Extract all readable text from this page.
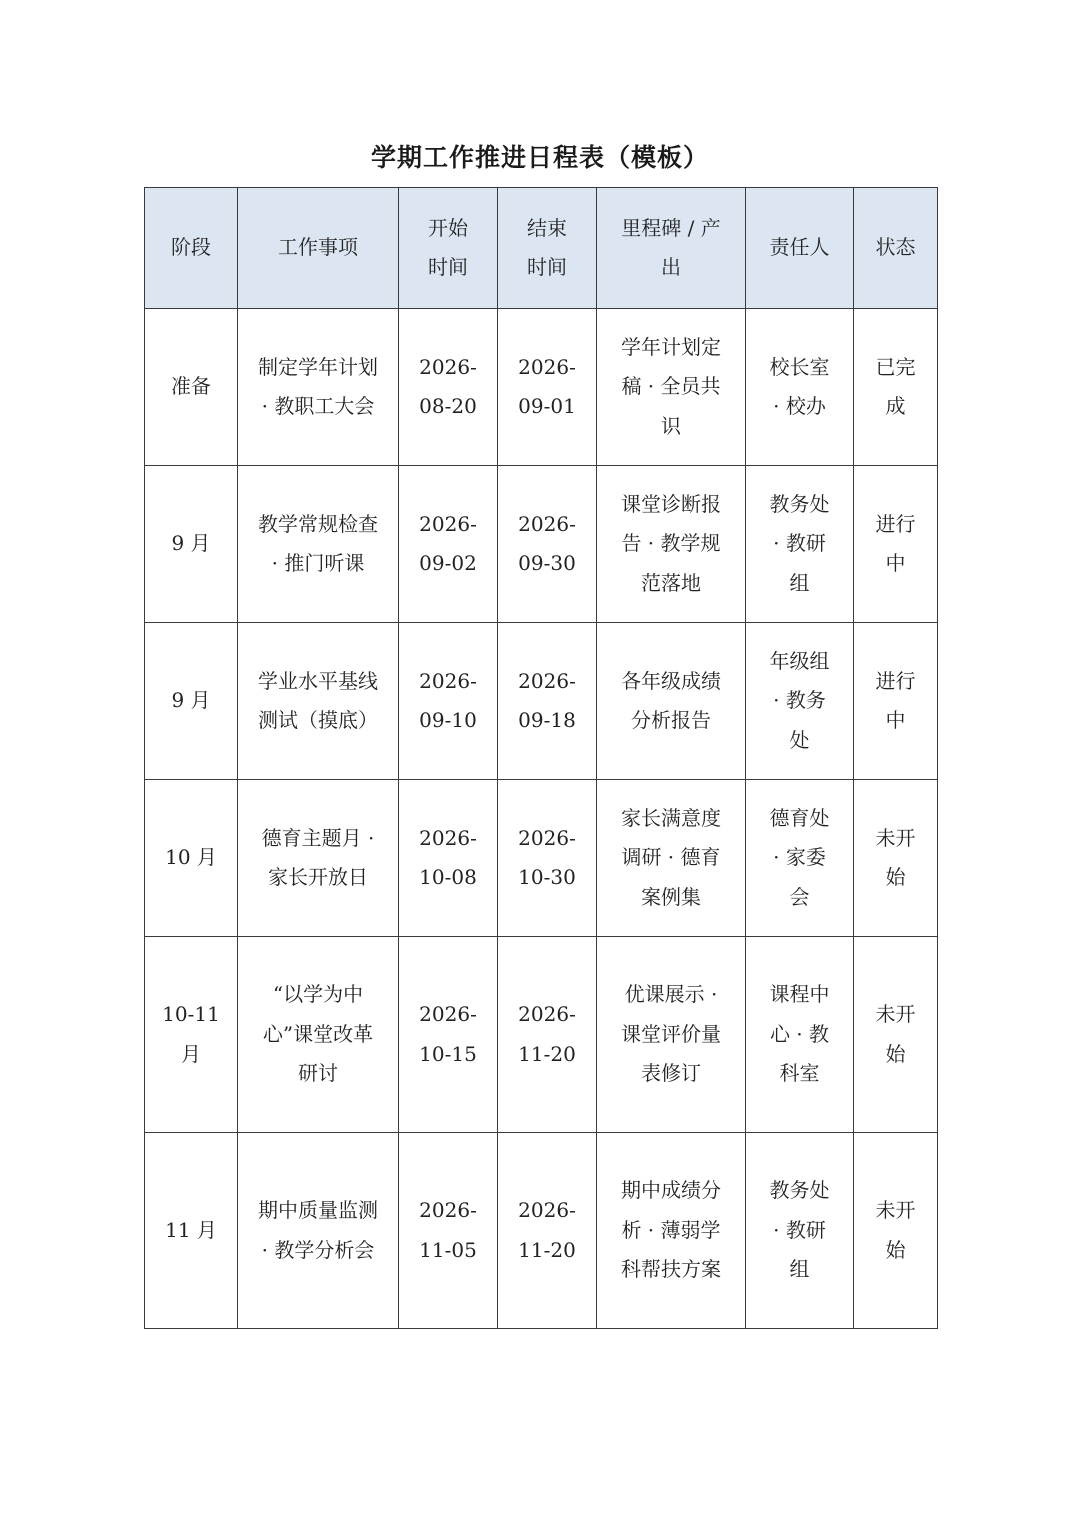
学期工作推进日程表（模板）
阶段	工作事项	开始时间	结束时间	里程碑 / 产出	责任人	状态
准备	制定学年计划 · 教职工大会	2026-08-20	2026-09-01	学年计划定稿 · 全员共识	校长室 · 校办	已完成
9 月	教学常规检查 · 推门听课	2026-09-02	2026-09-30	课堂诊断报告 · 教学规范落地	教务处 · 教研组	进行中
9 月	学业水平基线测试（摸底）	2026-09-10	2026-09-18	各年级成绩分析报告	年级组 · 教务处	进行中
10 月	德育主题月 · 家长开放日	2026-10-08	2026-10-30	家长满意度调研 · 德育案例集	德育处 · 家委会	未开始
10-11 月	“以学为中心”课堂改革研讨	2026-10-15	2026-11-20	优课展示 · 课堂评价量表修订	课程中心 · 教科室	未开始
11 月	期中质量监测 · 教学分析会	2026-11-05	2026-11-20	期中成绩分析 · 薄弱学科帮扶方案	教务处 · 教研组	未开始
